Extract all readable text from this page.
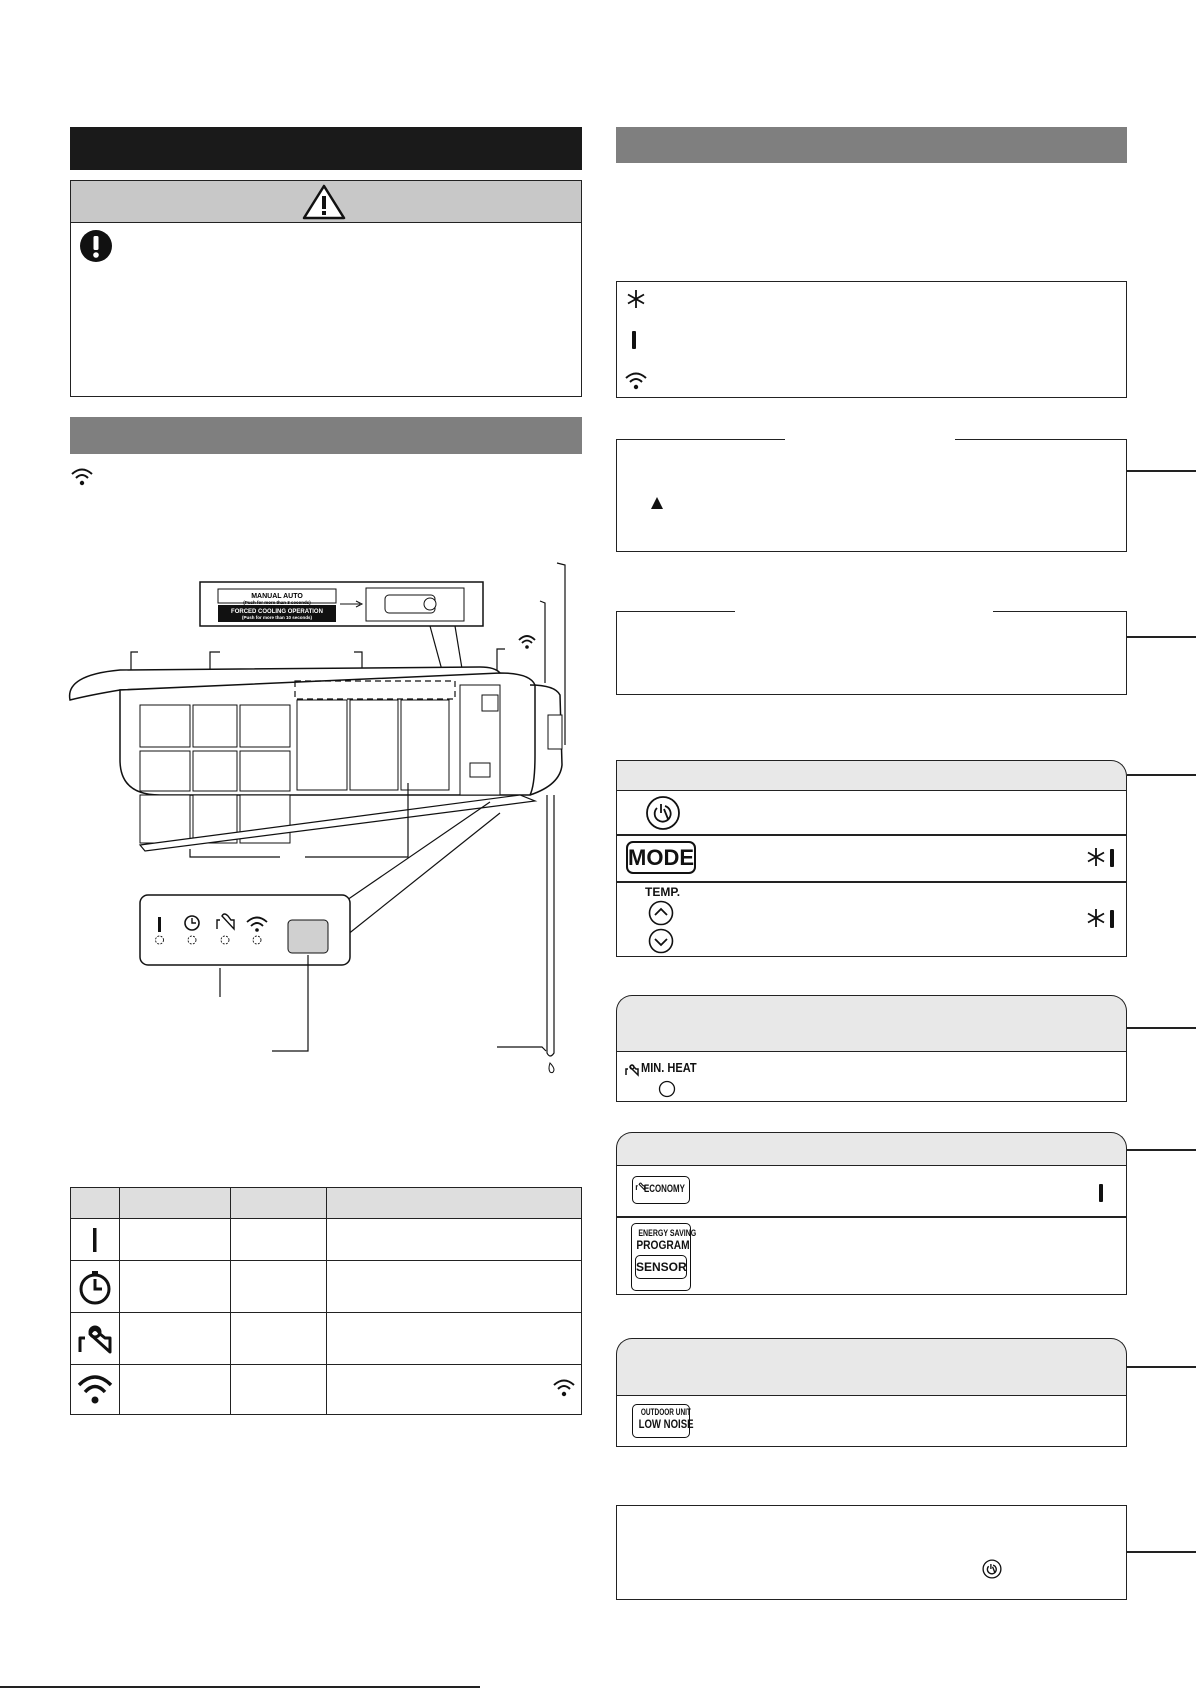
MANUAL AUTO
(Push for more than 3 seconds)
FORCED COOLING OPERATION
(Push for more than 10 seconds)

MODE
TEMP.
MIN. HEAT
ECONOMY
ENERGY SAVING
PROGRAM
SENSOR
OUTDOOR UNIT
LOW NOISE
